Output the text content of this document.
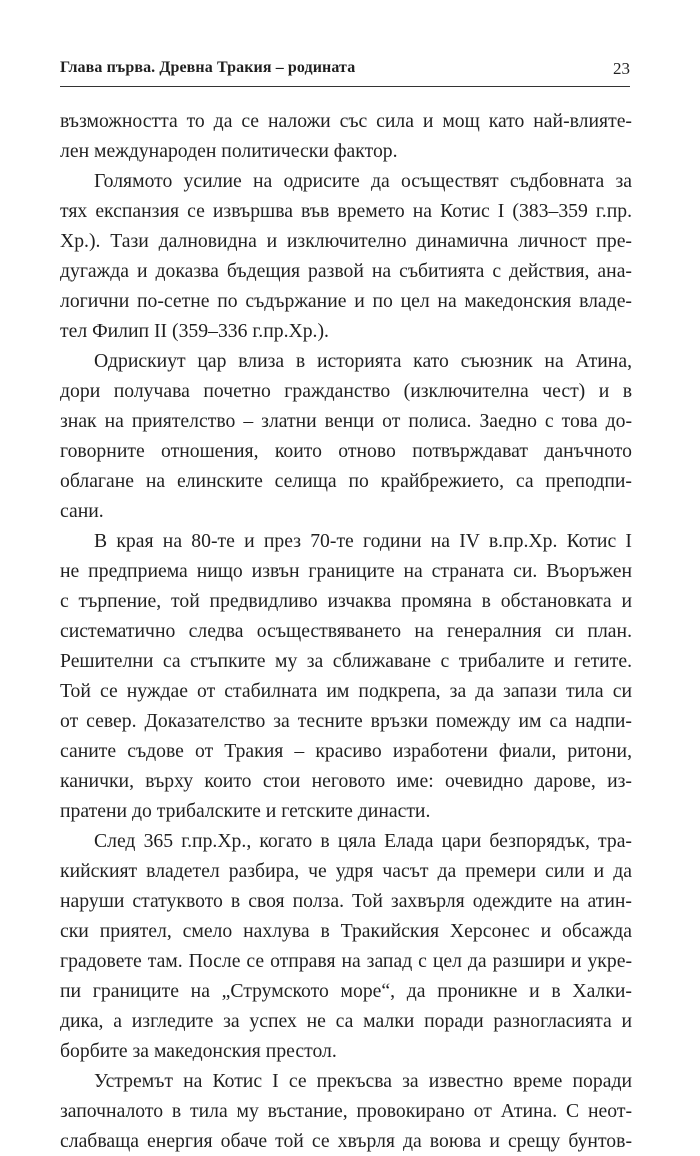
Глава първа. Древна Тракия – родината	23
възможността то да се наложи със сила и мощ като най-влияте-
лен международен политически фактор.
Голямото усилие на одрисите да осъществят съдбовната за
тях експанзия се извършва във времето на Котис I (383–359 г.пр.
Хр.). Тази далновидна и изключително динамична личност пре-
дугажда и доказва бъдещия развой на събитията с действия, ана-
логични по-сетне по съдържание и по цел на македонския владе-
тел Филип II (359–336 г.пр.Хр.).
Одрискиyт цар влиза в историята като съюзник на Атина,
дори получава почетно гражданство (изключителна чест) и в
знак на приятелство – златни венци от полиса. Заедно с това до-
говорните отношения, които отново потвърждават данъчното
облагане на елинските селища по крайбрежието, са преподпи-
сани.
В края на 80-те и през 70-те години на IV в.пр.Хр. Котис I
не предприема нищо извън границите на страната си. Въоръжен
с търпение, той предвидливо изчаква промяна в обстановката и
систематично следва осъществяването на генералния си план.
Решителни са стъпките му за сближаване с трибалите и гетите.
Той се нуждае от стабилната им подкрепа, за да запази тила си
от север. Доказателство за тесните връзки помежду им са надпи-
саните съдове от Тракия – красиво изработени фиали, ритони,
канички, върху които стои неговото име: очевидно дарове, из-
пратени до трибалските и гетските династи.
След 365 г.пр.Хр., когато в цяла Елада цари безпорядък, тра-
кийският владетел разбира, че удря часът да премери сили и да
наруши статуквото в своя полза. Той захвърля одеждите на атин-
ски приятел, смело нахлува в Тракийския Херсонес и обсажда
градовете там. После се отправя на запад с цел да разшири и укре-
пи границите на „Струмското море“, да проникне и в Халки-
дика, а изгледите за успех не са малки поради разногласията и
борбите за македонския престол.
Устремът на Котис I се прекъсва за известно време поради
започналото в тила му въстание, провокирано от Атина. С неот-
слабваща енергия обаче той се хвърля да воюва и срещу бунтов-
